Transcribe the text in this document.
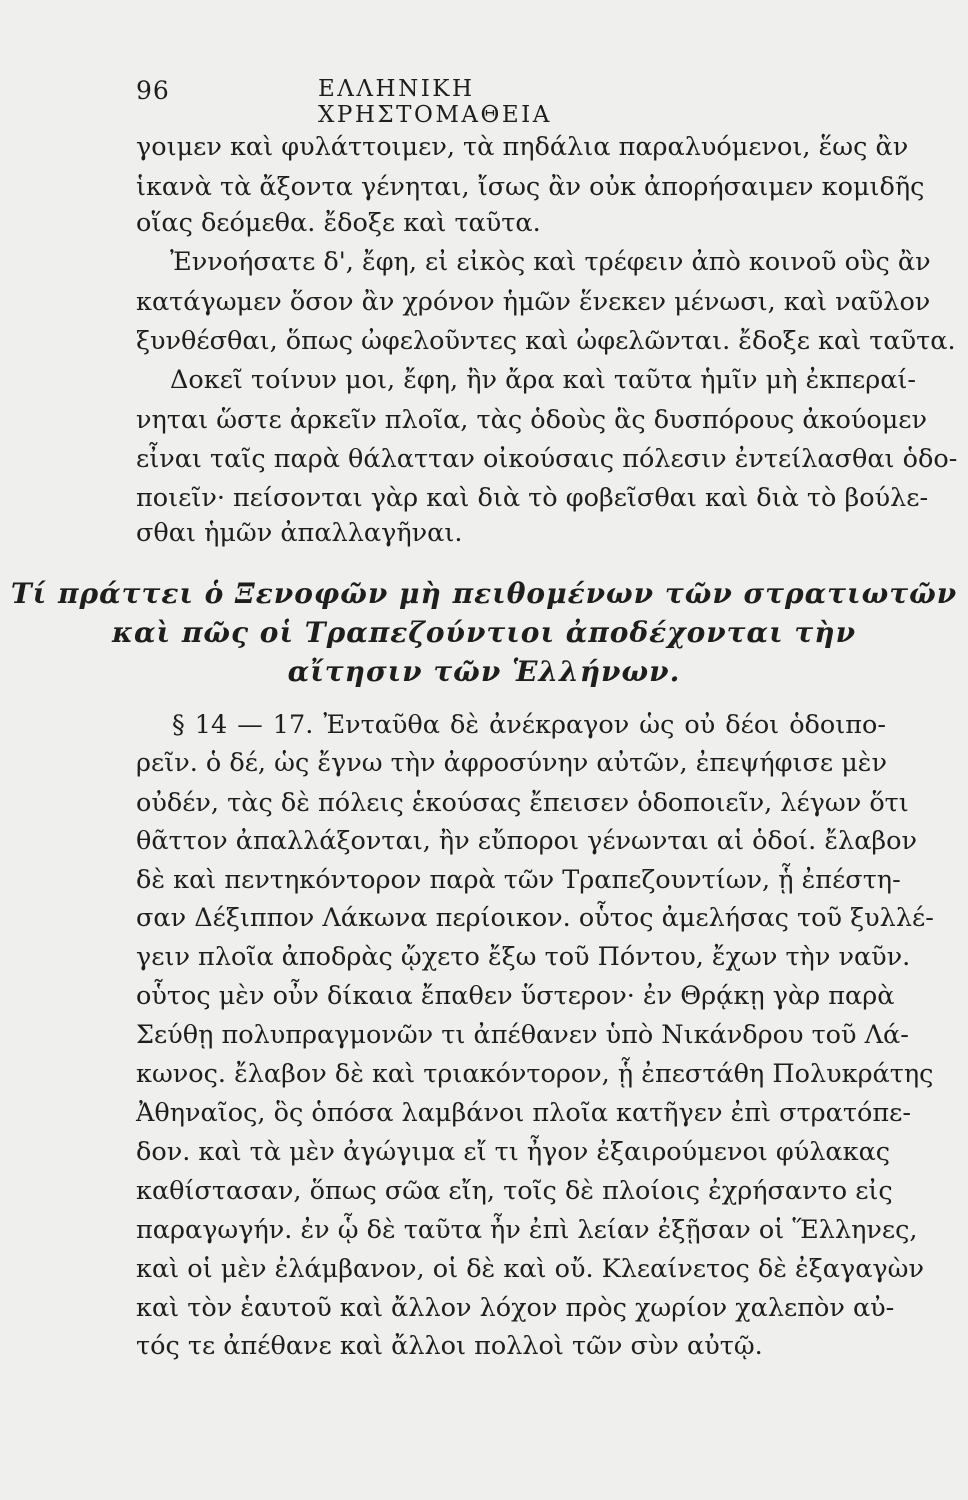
96	ΕΛΛΗΝΙΚΗ ΧΡΗΣΤΟΜΑΘΕΙΑ
γοιμεν καὶ φυλάττοιμεν, τὰ πηδάλια παραλυόμενοι, ἕως ἂν
ἱκανὰ τὰ ἄξοντα γένηται, ἴσως ἂν οὐκ ἀπορήσαιμεν κομιδῆς
οἵας δεόμεθα. ἔδοξε καὶ ταῦτα.
Ἐννοήσατε δ', ἔφη, εἰ εἰκὸς καὶ τρέφειν ἀπὸ κοινοῦ οὓς ἂν
κατάγωμεν ὅσον ἂν χρόνον ἡμῶν ἕνεκεν μένωσι, καὶ ναῦλον
ξυνθέσθαι, ὅπως ὠφελοῦντες καὶ ὠφελῶνται. ἔδοξε καὶ ταῦτα.
Δοκεῖ τοίνυν μοι, ἔφη, ἢν ἄρα καὶ ταῦτα ἡμῖν μὴ ἐκπεραί-
νηται ὥστε ἀρκεῖν πλοῖα, τὰς ὁδοὺς ἃς δυσπόρους ἀκούομεν
εἶναι ταῖς παρὰ θάλατταν οἰκούσαις πόλεσιν ἐντείλασθαι ὁδο-
ποιεῖν· πείσονται γὰρ καὶ διὰ τὸ φοβεῖσθαι καὶ διὰ τὸ βούλε-
σθαι ἡμῶν ἀπαλλαγῆναι.
Τί πράττει ὁ Ξενοφῶν μὴ πειθομένων τῶν στρατιωτῶν
καὶ πῶς οἱ Τραπεζούντιοι ἀποδέχονται τὴν
αἴτησιν τῶν Ἑλλήνων.
§ 14 — 17. Ἐνταῦθα δὲ ἀνέκραγον ὡς οὐ δέοι ὁδοιπο-
ρεῖν. ὁ δέ, ὡς ἔγνω τὴν ἀφροσύνην αὐτῶν, ἐπεψήφισε μὲν
οὐδέν, τὰς δὲ πόλεις ἑκούσας ἔπεισεν ὁδοποιεῖν, λέγων ὅτι
θᾶττον ἀπαλλάξονται, ἢν εὔποροι γένωνται αἱ ὁδοί. ἔλαβον
δὲ καὶ πεντηκόντορον παρὰ τῶν Τραπεζουντίων, ᾗ ἐπέστη-
σαν Δέξιππον Λάκωνα περίοικον. οὗτος ἀμελήσας τοῦ ξυλλέ-
γειν πλοῖα ἀποδρὰς ᾤχετο ἔξω τοῦ Πόντου, ἔχων τὴν ναῦν.
οὗτος μὲν οὖν δίκαια ἔπαθεν ὕστερον· ἐν Θρᾴκῃ γὰρ παρὰ
Σεύθῃ πολυπραγμονῶν τι ἀπέθανεν ὑπὸ Νικάνδρου τοῦ Λά-
κωνος. ἔλαβον δὲ καὶ τριακόντορον, ᾗ ἐπεστάθη Πολυκράτης
Ἀθηναῖος, ὃς ὁπόσα λαμβάνοι πλοῖα κατῆγεν ἐπὶ στρατόπε-
δον. καὶ τὰ μὲν ἀγώγιμα εἴ τι ἦγον ἐξαιρούμενοι φύλακας
καθίστασαν, ὅπως σῶα εἴη, τοῖς δὲ πλοίοις ἐχρήσαντο εἰς
παραγωγήν. ἐν ᾧ δὲ ταῦτα ἦν ἐπὶ λείαν ἐξῇσαν οἱ Ἕλληνες,
καὶ οἱ μὲν ἐλάμβανον, οἱ δὲ καὶ οὔ. Κλεαίνετος δὲ ἐξαγαγὼν
καὶ τὸν ἑαυτοῦ καὶ ἄλλον λόχον πρὸς χωρίον χαλεπὸν αὐ-
τός τε ἀπέθανε καὶ ἄλλοι πολλοὶ τῶν σὺν αὐτῷ.
